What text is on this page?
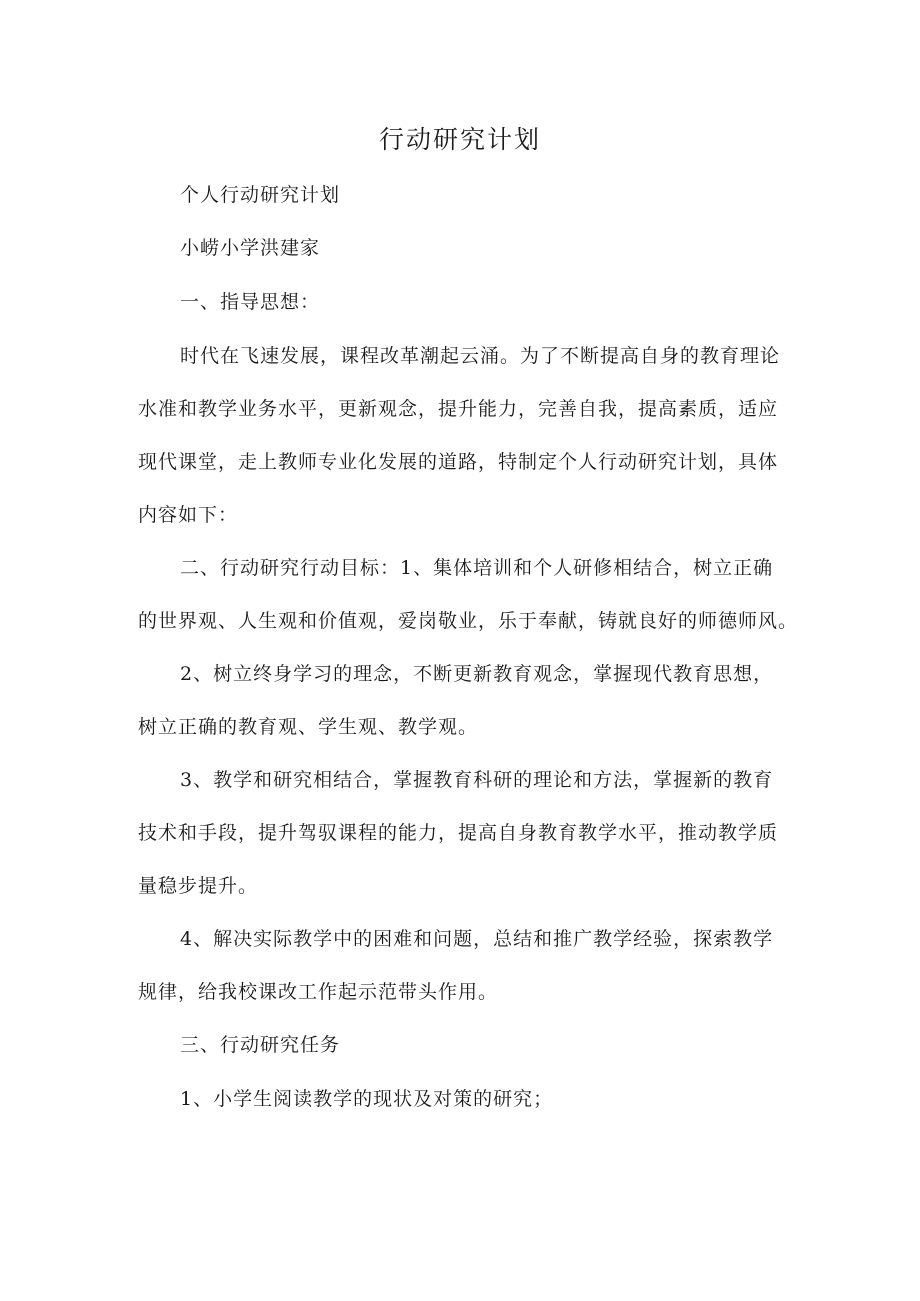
行动研究计划

个人行动研究计划

小崂小学洪建家

一、指导思想：

时代在飞速发展，课程改革潮起云涌。为了不断提高自身的教育理论

水准和教学业务水平，更新观念，提升能力，完善自我，提高素质，适应

现代课堂，走上教师专业化发展的道路，特制定个人行动研究计划，具体

内容如下：

二、行动研究行动目标：1、集体培训和个人研修相结合，树立正确

的世界观、人生观和价值观，爱岗敬业，乐于奉献，铸就良好的师德师风。

2、树立终身学习的理念，不断更新教育观念，掌握现代教育思想，

树立正确的教育观、学生观、教学观。

3、教学和研究相结合，掌握教育科研的理论和方法，掌握新的教育

技术和手段，提升驾驭课程的能力，提高自身教育教学水平，推动教学质

量稳步提升。

4、解决实际教学中的困难和问题，总结和推广教学经验，探索教学

规律，给我校课改工作起示范带头作用。

三、行动研究任务

1、小学生阅读教学的现状及对策的研究；
